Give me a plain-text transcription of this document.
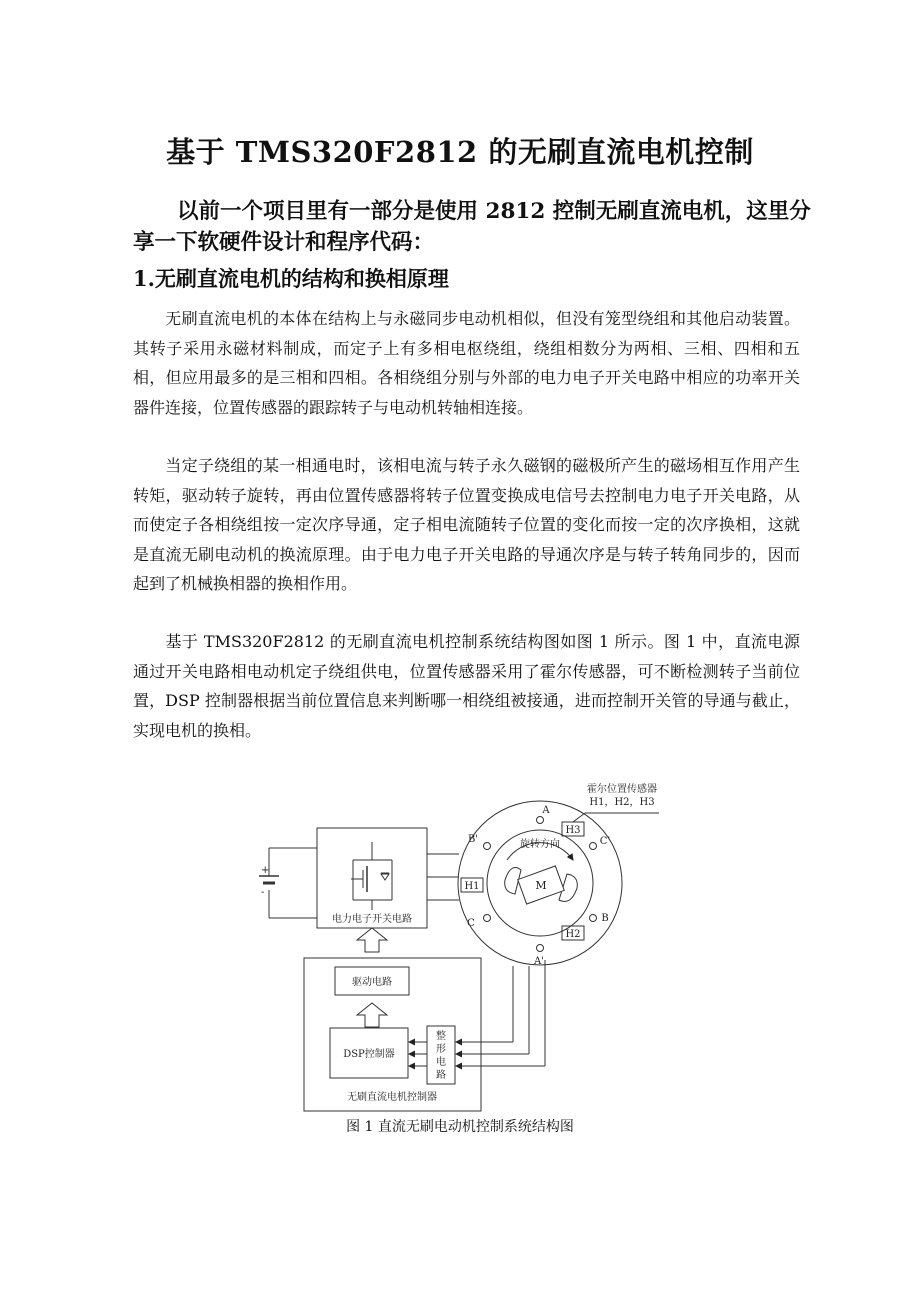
基于 TMS320F2812 的无刷直流电机控制
以前一个项目里有一部分是使用 2812 控制无刷直流电机，这里分享一下软硬件设计和程序代码：
1.无刷直流电机的结构和换相原理
无刷直流电机的本体在结构上与永磁同步电动机相似，但没有笼型绕组和其他启动装置。其转子采用永磁材料制成，而定子上有多相电枢绕组，绕组相数分为两相、三相、四相和五相，但应用最多的是三相和四相。各相绕组分别与外部的电力电子开关电路中相应的功率开关器件连接，位置传感器的跟踪转子与电动机转轴相连接。
当定子绕组的某一相通电时，该相电流与转子永久磁钢的磁极所产生的磁场相互作用产生转矩，驱动转子旋转，再由位置传感器将转子位置变换成电信号去控制电力电子开关电路，从而使定子各相绕组按一定次序导通，定子相电流随转子位置的变化而按一定的次序换相，这就是直流无刷电动机的换流原理。由于电力电子开关电路的导通次序是与转子转角同步的，因而起到了机械换相器的换相作用。
基于 TMS320F2812 的无刷直流电机控制系统结构图如图 1 所示。图 1 中，直流电源通过开关电路相电动机定子绕组供电，位置传感器采用了霍尔传感器，可不断检测转子当前位置，DSP 控制器根据当前位置信息来判断哪一相绕组被接通，进而控制开关管的导通与截止，实现电机的换相。
+
-
电力电子开关电路
驱动电路
DSP控制器
整
形
电
路
无刷直流电机控制器
旋转方向
M
霍尔位置传感器
H1，H2，H3
H3
H1
H2
A
A'
B'
B
C
C'
图 1 直流无刷电动机控制系统结构图
